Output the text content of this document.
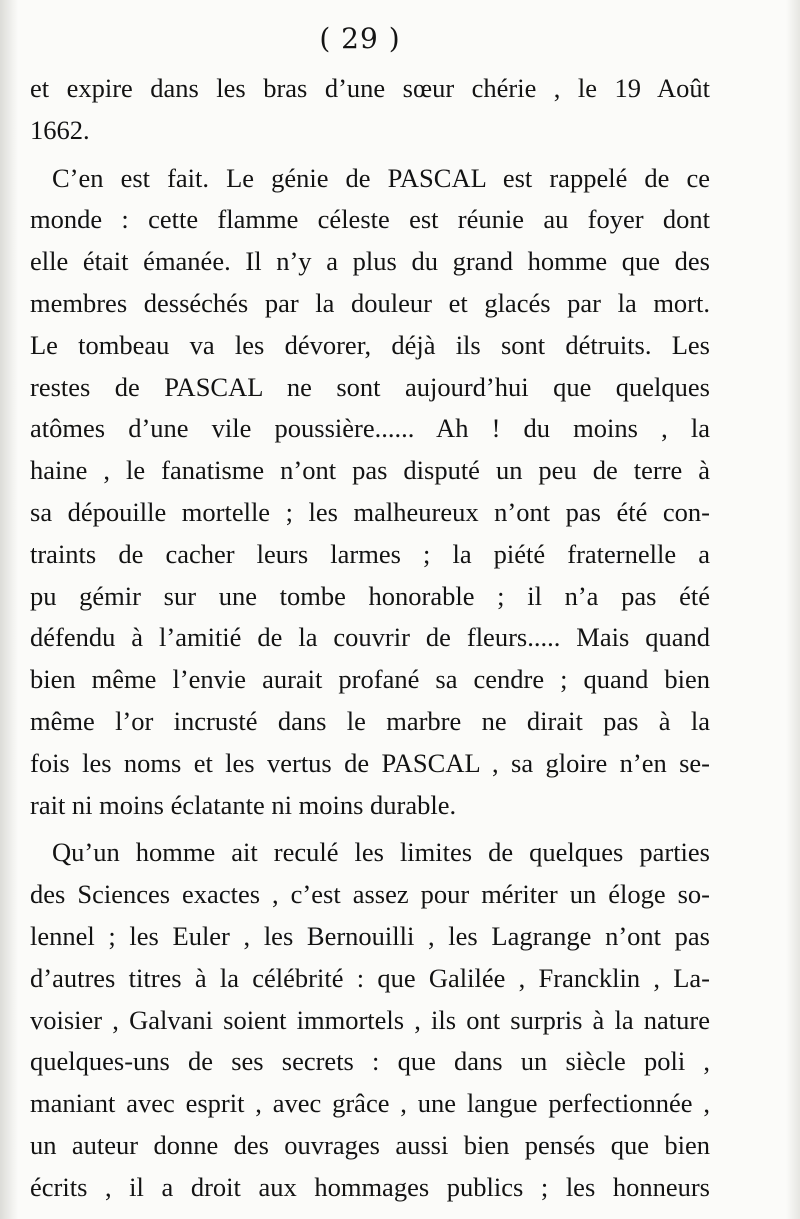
( 29 )
et expire dans les bras d’une sœur chérie , le 19 Août
1662.
C’en est fait. Le génie de PASCAL est rappelé de ce
monde : cette flamme céleste est réunie au foyer dont
elle était émanée. Il n’y a plus du grand homme que des
membres desséchés par la douleur et glacés par la mort.
Le tombeau va les dévorer, déjà ils sont détruits. Les
restes de PASCAL ne sont aujourd’hui que quelques
atômes d’une vile poussière...... Ah ! du moins , la
haine , le fanatisme n’ont pas disputé un peu de terre à
sa dépouille mortelle ; les malheureux n’ont pas été con-
traints de cacher leurs larmes ; la piété fraternelle a
pu gémir sur une tombe honorable ; il n’a pas été
défendu à l’amitié de la couvrir de fleurs..... Mais quand
bien même l’envie aurait profané sa cendre ; quand bien
même l’or incrusté dans le marbre ne dirait pas à la
fois les noms et les vertus de PASCAL , sa gloire n’en se-
rait ni moins éclatante ni moins durable.
Qu’un homme ait reculé les limites de quelques parties
des Sciences exactes , c’est assez pour mériter un éloge so-
lennel ; les Euler , les Bernouilli , les Lagrange n’ont pas
d’autres titres à la célébrité : que Galilée , Francklin , La-
voisier , Galvani soient immortels , ils ont surpris à la nature
quelques-uns de ses secrets : que dans un siècle poli ,
maniant avec esprit , avec grâce , une langue perfectionnée ,
un auteur donne des ouvrages aussi bien pensés que bien
écrits , il a droit aux hommages publics ; les honneurs
